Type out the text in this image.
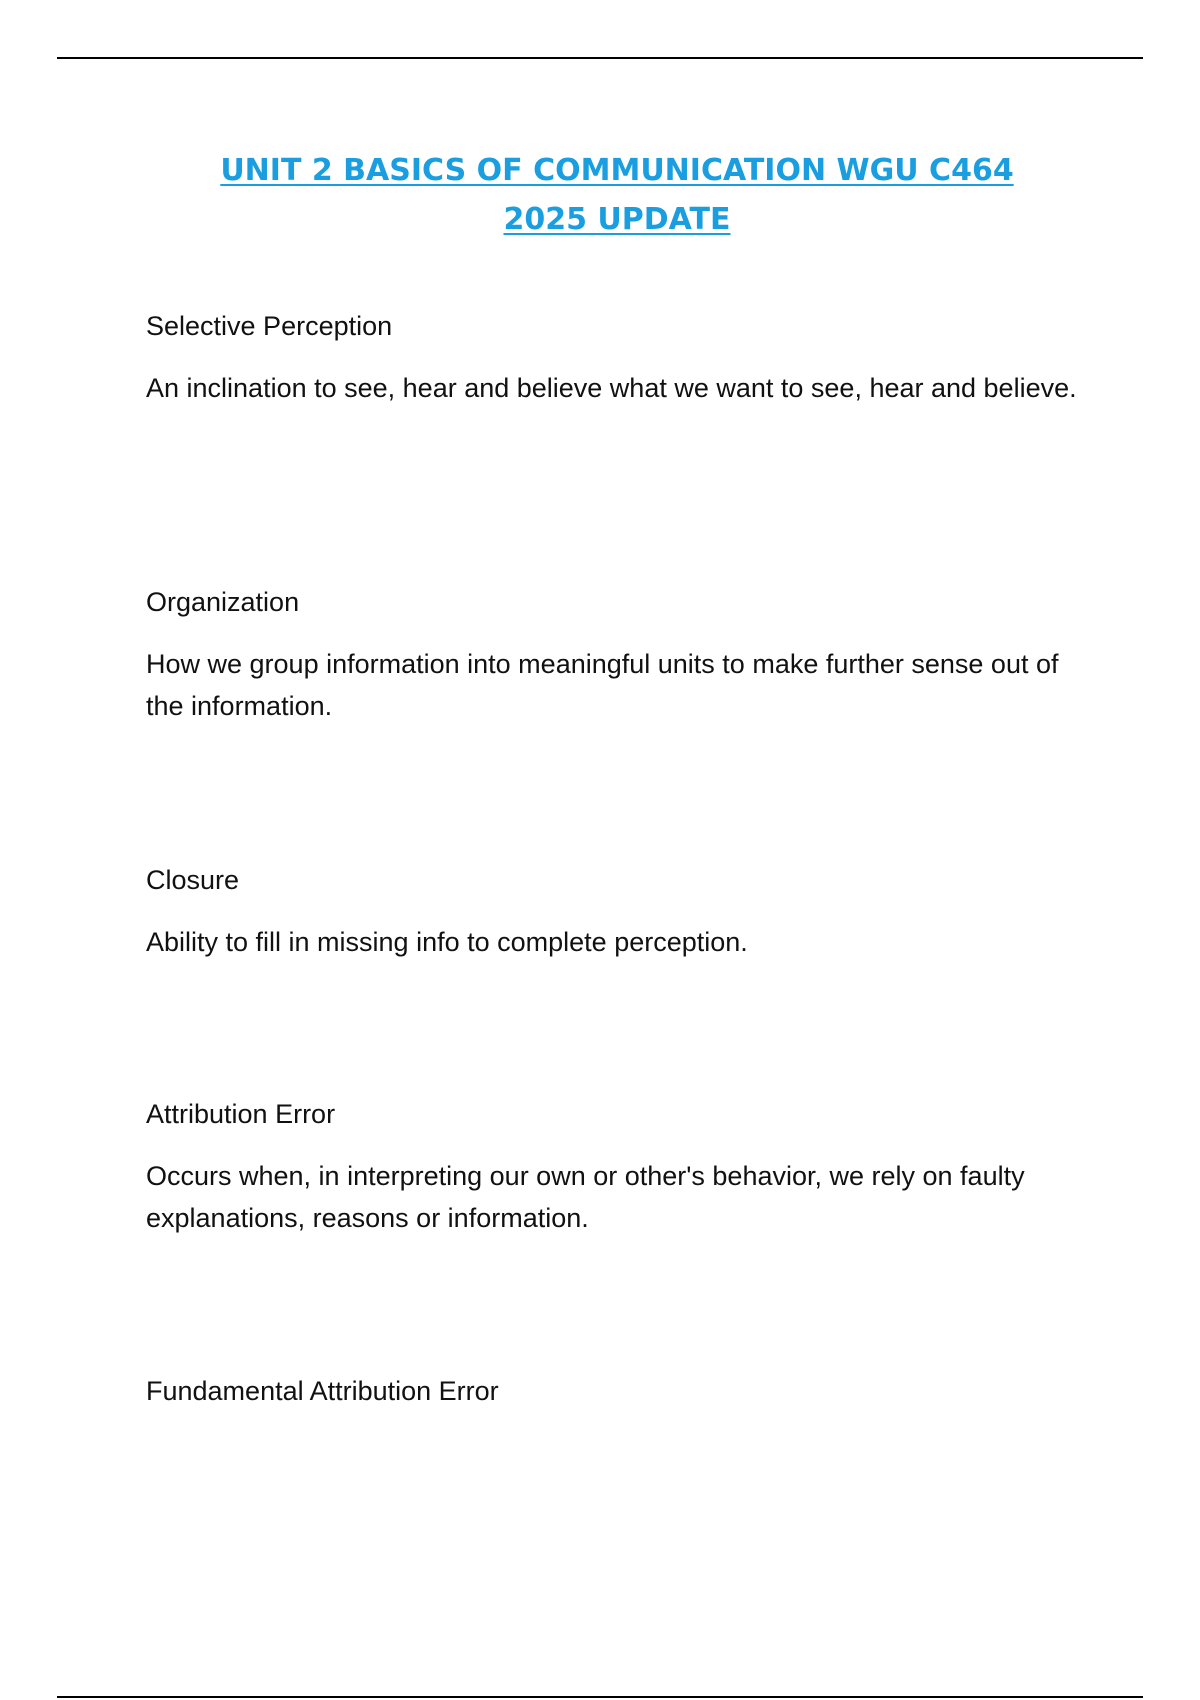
UNIT 2 BASICS OF COMMUNICATION WGU C464
2025 UPDATE
Selective Perception

An inclination to see, hear and believe what we want to see, hear and believe.

Organization

How we group information into meaningful units to make further sense out of the information.

Closure

Ability to fill in missing info to complete perception.

Attribution Error

Occurs when, in interpreting our own or other's behavior, we rely on faulty explanations, reasons or information.

Fundamental Attribution Error
